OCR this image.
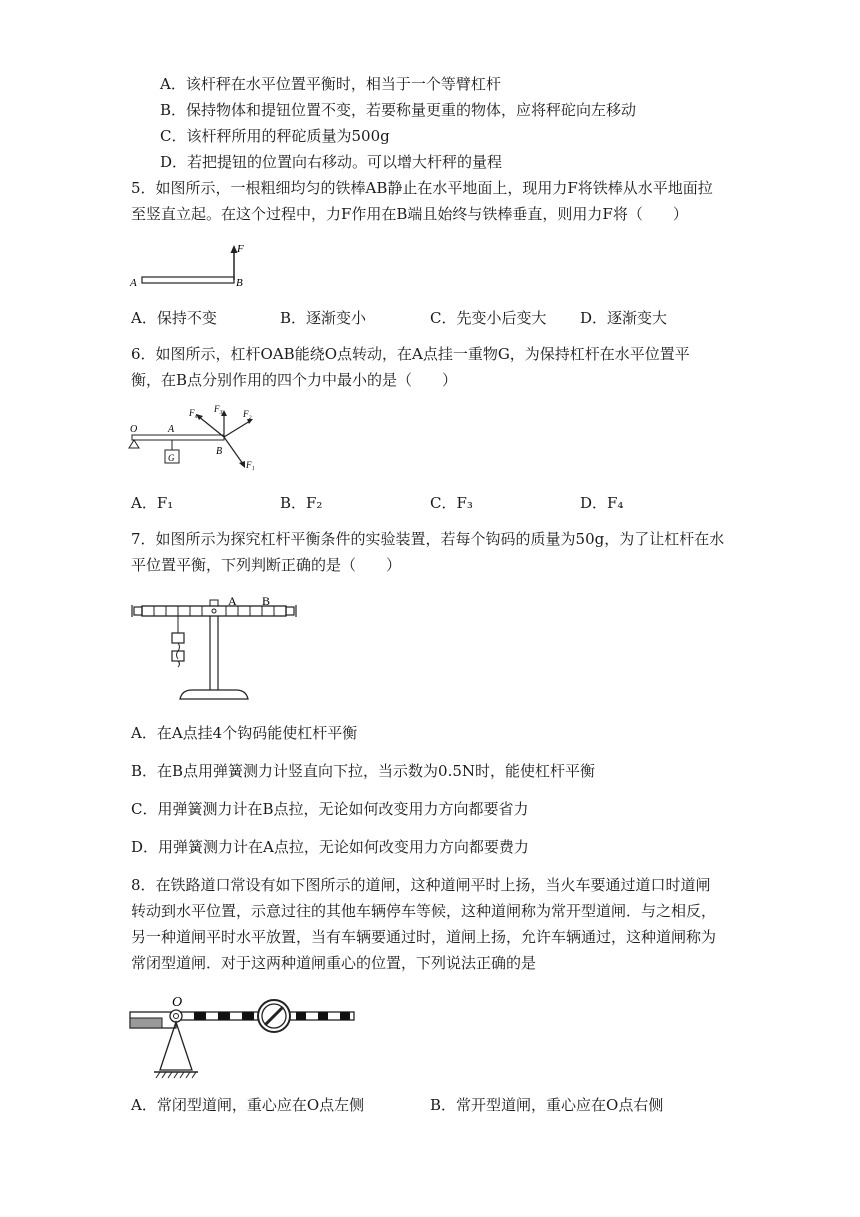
A．该杆秤在水平位置平衡时，相当于一个等臂杠杆
B．保持物体和提钮位置不变，若要称量更重的物体，应将秤砣向左移动
C．该杆秤所用的秤砣质量为500g
D．若把提钮的位置向右移动。可以增大杆秤的量程
5．如图所示，一根粗细均匀的铁棒AB静止在水平地面上，现用力F将铁棒从水平地面拉
至竖直立起。在这个过程中，力F作用在B端且始终与铁棒垂直，则用力F将（　　）
A	B
F
A．保持不变	B．逐渐变小	C．先变小后变大 D．逐渐变大
6．如图所示，杠杆OAB能绕O点转动，在A点挂一重物G，为保持杠杆在水平位置平
衡，在B点分别作用的四个力中最小的是（　　）
G
O	A
B
F₄ F₃ F₂
F₁
A．F₁	B．F₂	C．F₃	D．F₄
7．如图所示为探究杠杆平衡条件的实验装置，若每个钩码的质量为50g，为了让杠杆在水
平位置平衡，下列判断正确的是（　　）
A B
A．在A点挂4个钩码能使杠杆平衡
B．在B点用弹簧测力计竖直向下拉，当示数为0.5N时，能使杠杆平衡
C．用弹簧测力计在B点拉，无论如何改变用力方向都要省力
D．用弹簧测力计在A点拉，无论如何改变用力方向都要费力
8．在铁路道口常设有如下图所示的道闸，这种道闸平时上扬，当火车要通过道口时道闸
转动到水平位置，示意过往的其他车辆停车等候，这种道闸称为常开型道闸．与之相反，
另一种道闸平时水平放置，当有车辆要通过时，道闸上扬，允许车辆通过，这种道闸称为
常闭型道闸．对于这两种道闸重心的位置，下列说法正确的是
O
A．常闭型道闸，重心应在O点左侧	B．常开型道闸，重心应在O点右侧
